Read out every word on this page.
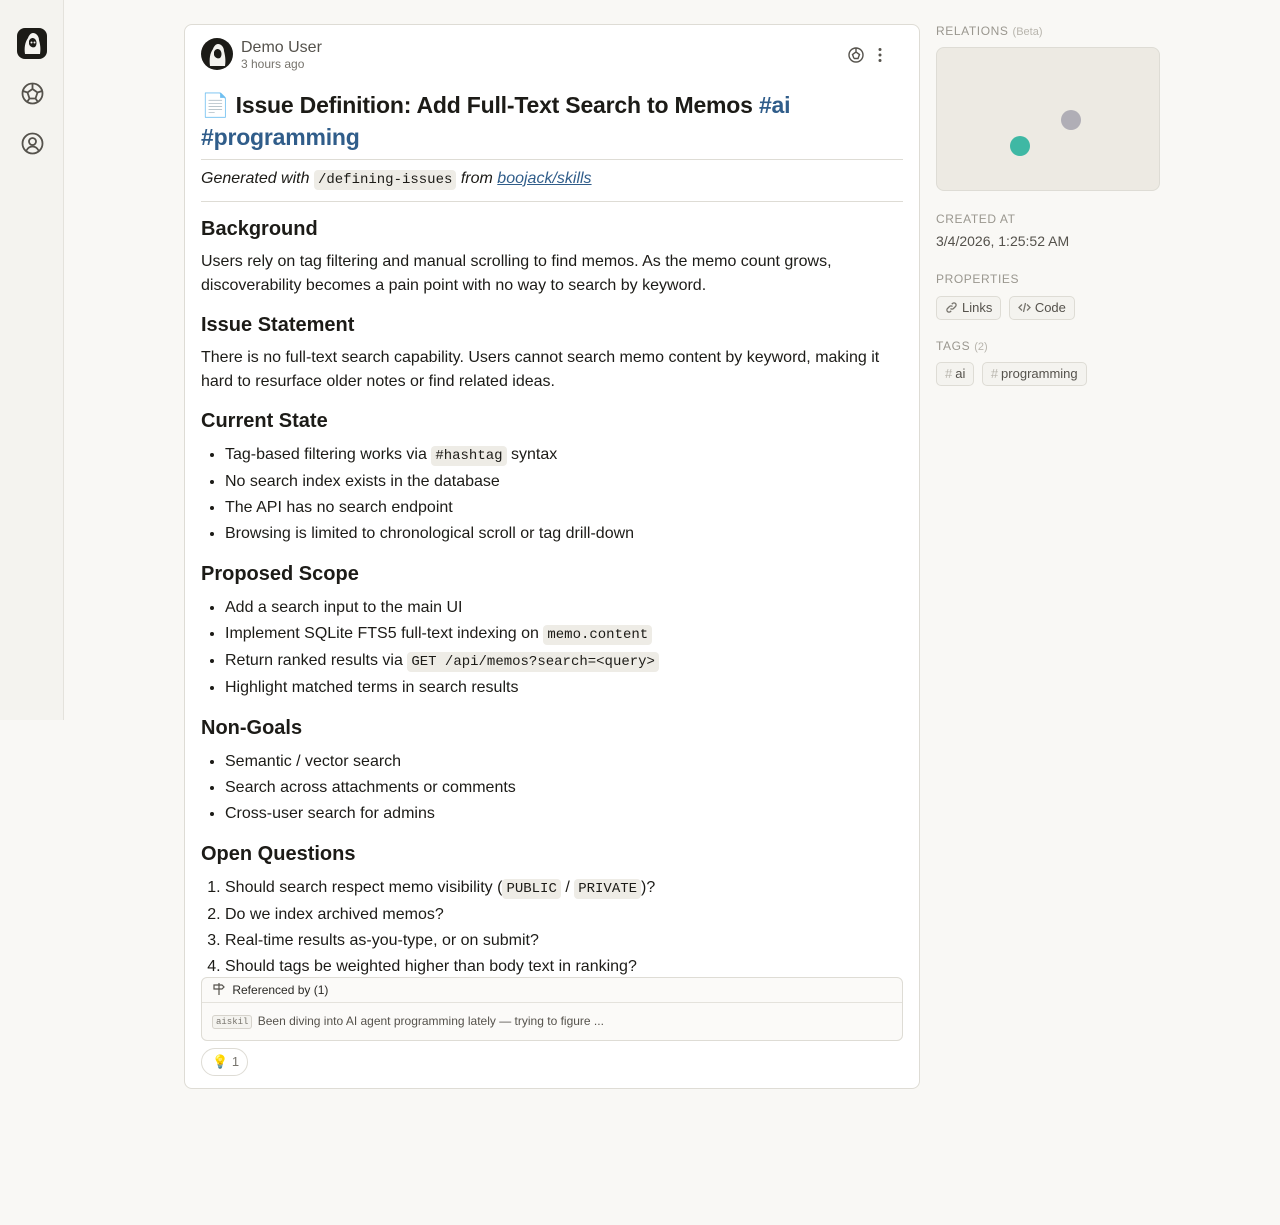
Demo User
3 hours ago
📄 Issue Definition: Add Full-Text Search to Memos #ai #programming
Generated with /defining-issues from boojack/skills
Background

Users rely on tag filtering and manual scrolling to find memos. As the memo count grows, discoverability becomes a pain point with no way to search by keyword.

Issue Statement

There is no full-text search capability. Users cannot search memo content by keyword, making it hard to resurface older notes or find related ideas.

Current State
• Tag-based filtering works via #hashtag syntax
• No search index exists in the database
• The API has no search endpoint
• Browsing is limited to chronological scroll or tag drill-down
Proposed Scope
• Add a search input to the main UI
• Implement SQLite FTS5 full-text indexing on memo.content
• Return ranked results via GET /api/memos?search=<query>
• Highlight matched terms in search results
Non-Goals
• Semantic / vector search
• Search across attachments or comments
• Cross-user search for admins
Open Questions
1. Should search respect memo visibility ( PUBLIC / PRIVATE )?
2. Do we index archived memos?
3. Real-time results as-you-type, or on submit?
4. Should tags be weighted higher than body text in ranking?
Referenced by (1)
aiskil Been diving into AI agent programming lately — trying to figure ...
💡 1
RELATIONS (Beta)
CREATED AT
3/4/2026, 1:25:52 AM
PROPERTIES
Links	Code
TAGS (2)
# ai # programming
